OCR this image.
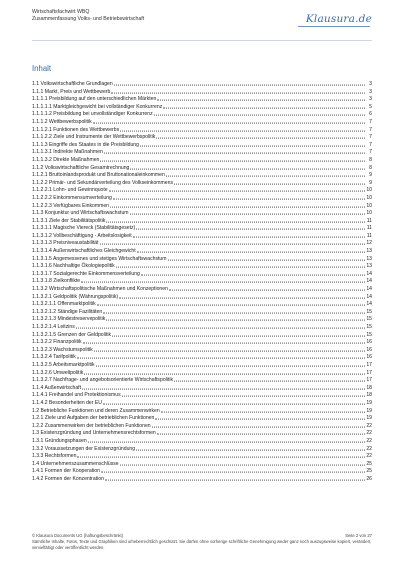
Wirtschaftsfachwirt WBQ
Zusammenfassung Volks- und Betriebswirtschaft	Klausura.de
Inhalt
1.1 Volkswirtschaftliche Grundlagen	3
1.1.1 Markt, Preis und Wettbewerb	3
1.1.1.1 Preisbildung auf den unterschiedlichen Märkten	3
1.1.1.1.1 Marktgleichgewicht bei vollständiger Konkurrenz	5
1.1.1.1.2 Preisbildung bei unvollständiger Konkurrenz	6
1.1.1.2 Wettbewerbspolitik	7
1.1.1.2.1 Funktionen des Wettbewerbs	7
1.1.1.2.2 Ziele und Instrumente der Wettbewerbspolitik	7
1.1.1.3 Eingriffe des Staates in die Preisbildung	7
1.1.1.3.1 Indirekte Maßnahmen	7
1.1.1.3.2 Direkte Maßnahmen	8
1.1.2 Volkswirtschaftliche Gesamtrechnung	8
1.1.2.1 Bruttoinlandsprodukt und Bruttonationaleinkommen	9
1.1.2.2 Primär- und Sekundärverteilung des Volkseinkommens	9
1.1.2.2.1 Lohn- und Gewinnquote	10
1.1.2.2.2 Einkommensumverteilung	10
1.1.2.2.3 Verfügbares Einkommen	10
1.1.3 Konjunktur und Wirtschaftswachstum	10
1.1.3.1 Ziele der Stabilitätspolitik	11
1.1.3.1.1 Magische Viereck (Stabilitätsgesetz)	11
1.1.3.1.2 Vollbeschäftigung - Arbeitslosigkeit	11
1.1.3.1.3 Preisniveaustabilität	12
1.1.3.1.4 Außenwirtschaftliches Gleichgewicht	13
1.1.3.1.5 Angemessenes und stetiges Wirtschaftswachstum	13
1.1.3.1.6 Nachhaltige Ökologiepolitik	13
1.1.3.1.7 Sozialgerechte Einkommensverteilung	14
1.1.3.1.8 Zielkonflikte	14
1.1.3.2 Wirtschaftspolitische Maßnahmen und Konzeptionen	14
1.1.3.2.1 Geldpolitik (Währungspolitik)	14
1.1.3.2.1.1 Offenmarktpolitik	14
1.1.3.2.1.2 Ständige Fazilitäten	15
1.1.3.2.1.3 Mindestreservepolitik	15
1.1.3.2.1.4 Leitzins	15
1.1.3.2.1.5 Grenzen der Geldpolitik	15
1.1.3.2.2 Finanzpolitik	16
1.1.3.2.3 Wachstumspolitik	16
1.1.3.2.4 Tarifpolitik	16
1.1.3.2.5 Arbeitsmarktpolitik	17
1.1.3.2.6 Umweltpolitik	17
1.1.3.2.7 Nachfrage- und angebotsorientierte Wirtschaftspolitik	17
1.1.4 Außenwirtschaft	18
1.1.4.1 Freihandel und Protektionismus	18
1.1.4.2 Besonderheiten der EU	19
1.2 Betriebliche Funktionen und deren Zusammenwirken	19
1.2.1 Ziele und Aufgaben der betrieblichen Funktionen	19
1.2.2 Zusammenwirken der betrieblichen Funktionen	22
1.3 Existenzgründung und Unternehmensrechtsformen	22
1.3.1 Gründungsphasen	22
1.3.2 Voraussetzungen der Existenzgründung	22
1.3.3 Rechtsformen	22
1.4 Unternehmenszusammenschlüsse	25
1.4.1 Formen der Kooperation	25
1.4.2 Formen der Konzentration	26
© Klausura Documents UG (haftungsbeschränkt)	Seite 2 von 27
Sämtliche Inhalte, Fotos, Texte und Graphiken sind urheberrechtlich geschützt. Sie dürfen ohne vorherige schriftliche Genehmigung weder ganz noch auszugsweise kopiert, verändert, vervielfältigt oder veröffentlicht werden.
